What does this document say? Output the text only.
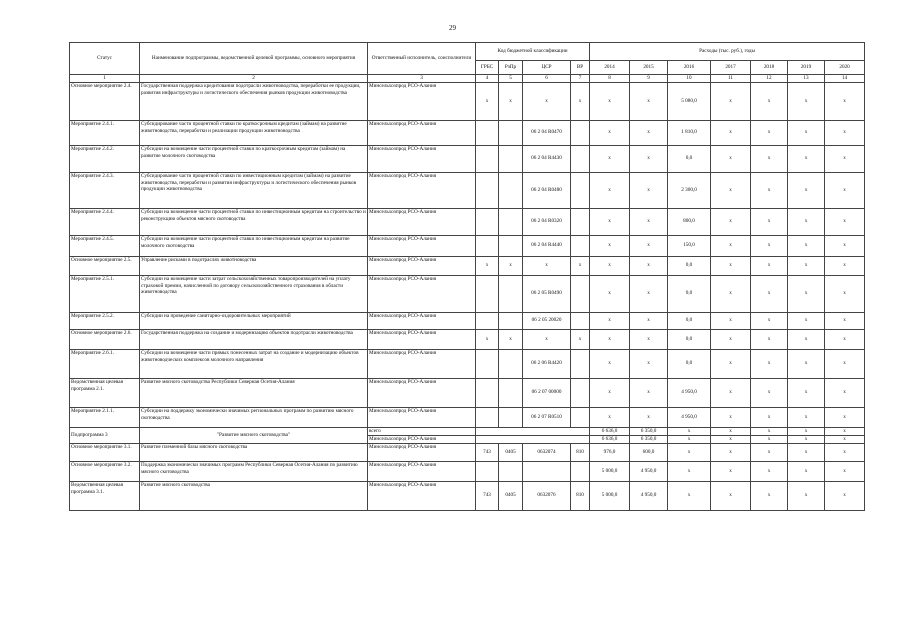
29
Статус	Наименование подпрограммы, ведомственной целевой программы, основного мероприятия	Ответственный исполнитель, соисполнители	Код бюджетной классификации				Расходы (тыс. руб.), годы						
			ГРБС	РзПр	ЦСР	ВР	2014	2015	2016	2017	2018	2019	2020
1	2	3	4	5	6	7	8	9	10	11	12	13	14
Основное мероприятие 2.4.	Государственная поддержка кредитования подотрасли животноводства, переработки ее продукции, развития инфраструктуры и логистического обеспечения рынков продукции животноводства	Минсельхозпрод РСО-Алания	x	x	x	x	x	x	5 080,0	x	x	x	x
Мероприятие 2.4.1.	Субсидирование части процентной ставки по краткосрочным кредитам (займам) на развитие животноводства, переработки и реализации продукции животноводства	Минсельхозпрод РСО-Алания			06 2 04 R0470		x	x	1 810,0	x	x	x	x
Мероприятие 2.4.2.	Субсидии на возмещение части процентной ставки по краткосрочным кредитам (займам) на развитие молочного скотоводства	Минсельхозпрод РСО-Алания			06 2 04 R4430		x	x	0,0	x	x	x	x
Мероприятие 2.4.3.	Субсидирование части процентной ставки по инвестиционным кредитам (займам) на развитие животноводства, переработки и развития инфраструктуры и логистического обеспечения рынков продукции животноводства	Минсельхозпрод РСО-Алания			06 2 04 R0480		x	x	2 300,0	x	x	x	x
Мероприятие 2.4.4.	Субсидии на возмещение части процентной ставки по инвестиционным кредитам на строительство и реконструкцию объектов мясного скотоводства	Минсельхозпрод РСО-Алания			06 2 04 R0320		x	x	800,0	x	x	x	x
Мероприятие 2.4.5.	Субсидии на возмещение части процентной ставки по инвестиционным кредитам на развитие молочного скотоводства	Минсельхозпрод РСО-Алания			06 2 04 R4440		x	x	150,0	x	x	x	x
Основное мероприятие 2.5.	Управление рисками в подотраслях животноводства	Минсельхозпрод РСО-Алания	x	x	x	x	x	x	0,0	x	x	x	x
Мероприятие 2.5.1.	Субсидии на возмещение части затрат сельскохозяйственных товаропроизводителей на уплату страховой премии, начисленной по договору сельскохозяйственного страхования в области животноводства	Минсельхозпрод РСО-Алания			06 2 05 R0490		x	x	0,0	x	x	x	x
Мероприятие 2.5.2.	Субсидии на проведение санитарно-оздоровительных мероприятий	Минсельхозпрод РСО-Алания			06 2 05 20020		x	x	0,0	x	x	x	x
Основное мероприятие 2.6.	Государственная поддержка на создание и модернизацию объектов подотрасли животноводства	Минсельхозпрод РСО-Алания	x	x	x	x	x	x	0,0	x	x	x	x
Мероприятие 2.6.1.	Субсидии на возмещение части прямых понесенных затрат на создание и модернизацию объектов животноводческих комплексов молочного направления	Минсельхозпрод РСО-Алания			06 2 06 R4420		x	x	0,0	x	x	x	x
Ведомственная целевая программа 2.1.	Развитие мясного скотоводства Республики Северная Осетия-Алания	Минсельхозпрод РСО-Алания			06 2 07 00000		x	x	4 950,0	x	x	x	x
Мероприятие 2.1.1.	Субсидии на поддержку экономически значимых региональных программ по развитию мясного скотоводства	Минсельхозпрод РСО-Алания			06 2 07 R0510		x	x	4 950,0	x	x	x	x
Подпрограмма 3	"Развитие мясного скотоводства"	всего					6 636,0	6 350,0	x	x	x	x	x
		Минсельхозпрод РСО-Алания					6 636,0	6 350,0	x	x	x	x	x
Основное мероприятие 3.1.	Развитие племенной базы мясного скотоводства	Минсельхозпрод РСО-Алания	743	0405	0632074	810	976,0	600,0	x	x	x	x	x
Основное мероприятие 3.2.	Поддержка экономически значимых программ Республики Северная Осетия-Алания по развитию мясного скотоводства	Минсельхозпрод РСО-Алания					5 000,0	4 950,0	x	x	x	x	x
Ведомственная целевая программа 3.1.	Развитие мясного скотоводства	Минсельхозпрод РСО-Алания	743	0405	0632076	810	5 000,0	4 950,0	x	x	x	x	x
